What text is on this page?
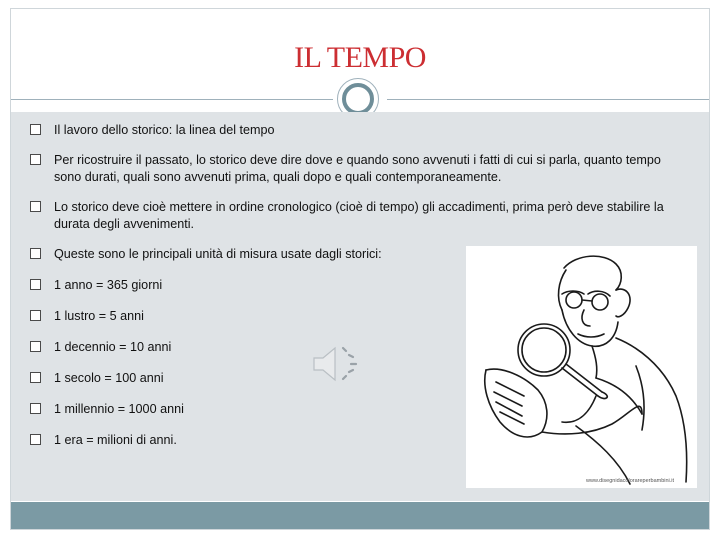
IL TEMPO
Il lavoro dello storico: la linea del tempo
Per ricostruire il passato, lo storico deve dire dove e quando sono avvenuti i fatti di cui si parla, quanto tempo sono durati, quali sono avvenuti prima, quali dopo e quali contemporaneamente.
Lo storico deve cioè mettere in ordine cronologico (cioè di tempo) gli accadimenti, prima però deve stabilire la durata degli avvenimenti.
Queste sono le principali unità di misura usate dagli storici:
1 anno = 365 giorni
1 lustro = 5 anni
1 decennio = 10 anni
1 secolo = 100 anni
1 millennio = 1000 anni
1 era = milioni di anni.
www.disegnidacolorareperbambini.it
